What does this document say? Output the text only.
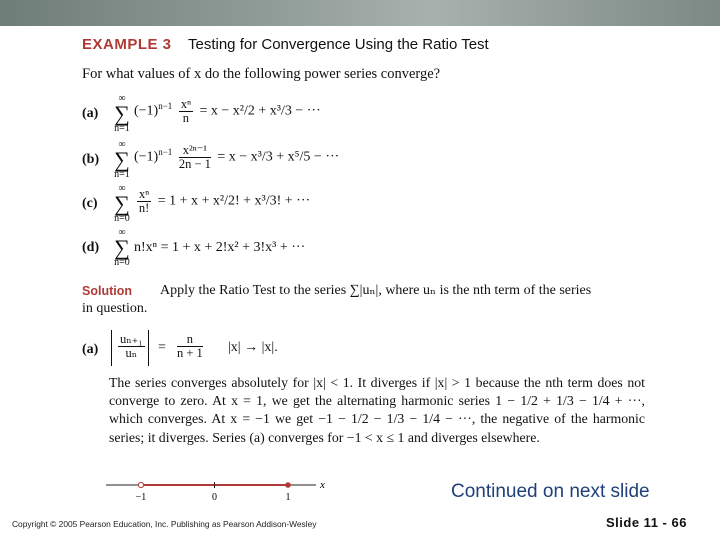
EXAMPLE 3 Testing for Convergence Using the Ratio Test
For what values of x do the following power series converge?
(a)
∞
∑
n=1
$(-1)^{n-1} \frac{\text{xⁿ}}{n} = x - x^2/2 + x^3/3$ − ···
(b)
∞
∑
n=1
$(-1)^{n-1} \frac{\text{x²ⁿ⁻¹}}{2n - 1} = x - x^3/3 + x^5/5$ − ···
(c)
∞
∑
n=0
$\frac{\text{xⁿ}}{n!} = 1 + x + x^2/2$! + x³/3! + ···
(d)
∞
∑
n=0
n!xⁿ = 1 + x + 2!x² + 3!x³ + ···
Solution Apply the Ratio Test to the series ∑|uₙ|, where uₙ is the nth term of the series
in question.
$(a) \frac{\text{uₙ₊₁}}{\text{uₙ}} = \frac{n}{n + 1} |x| \to |x|$.
The series converges absolutely for |x| < 1. It diverges if |x| > 1 because the nth term does not converge to zero. At x = 1, we get the alternating harmonic series 1 − 1/2 + 1/3 − 1/4 + ···, which converges. At x = −1 we get −1 − 1/2 − 1/3 − 1/4 − ···, the negative of the harmonic series; it diverges. Series (a) converges for −1 < x ≤ 1 and diverges elsewhere.
x
−1	0	1	Continued on next slide
Copyright © 2005 Pearson Education, Inc. Publishing as Pearson Addison-Wesley	Slide 11 - 66
